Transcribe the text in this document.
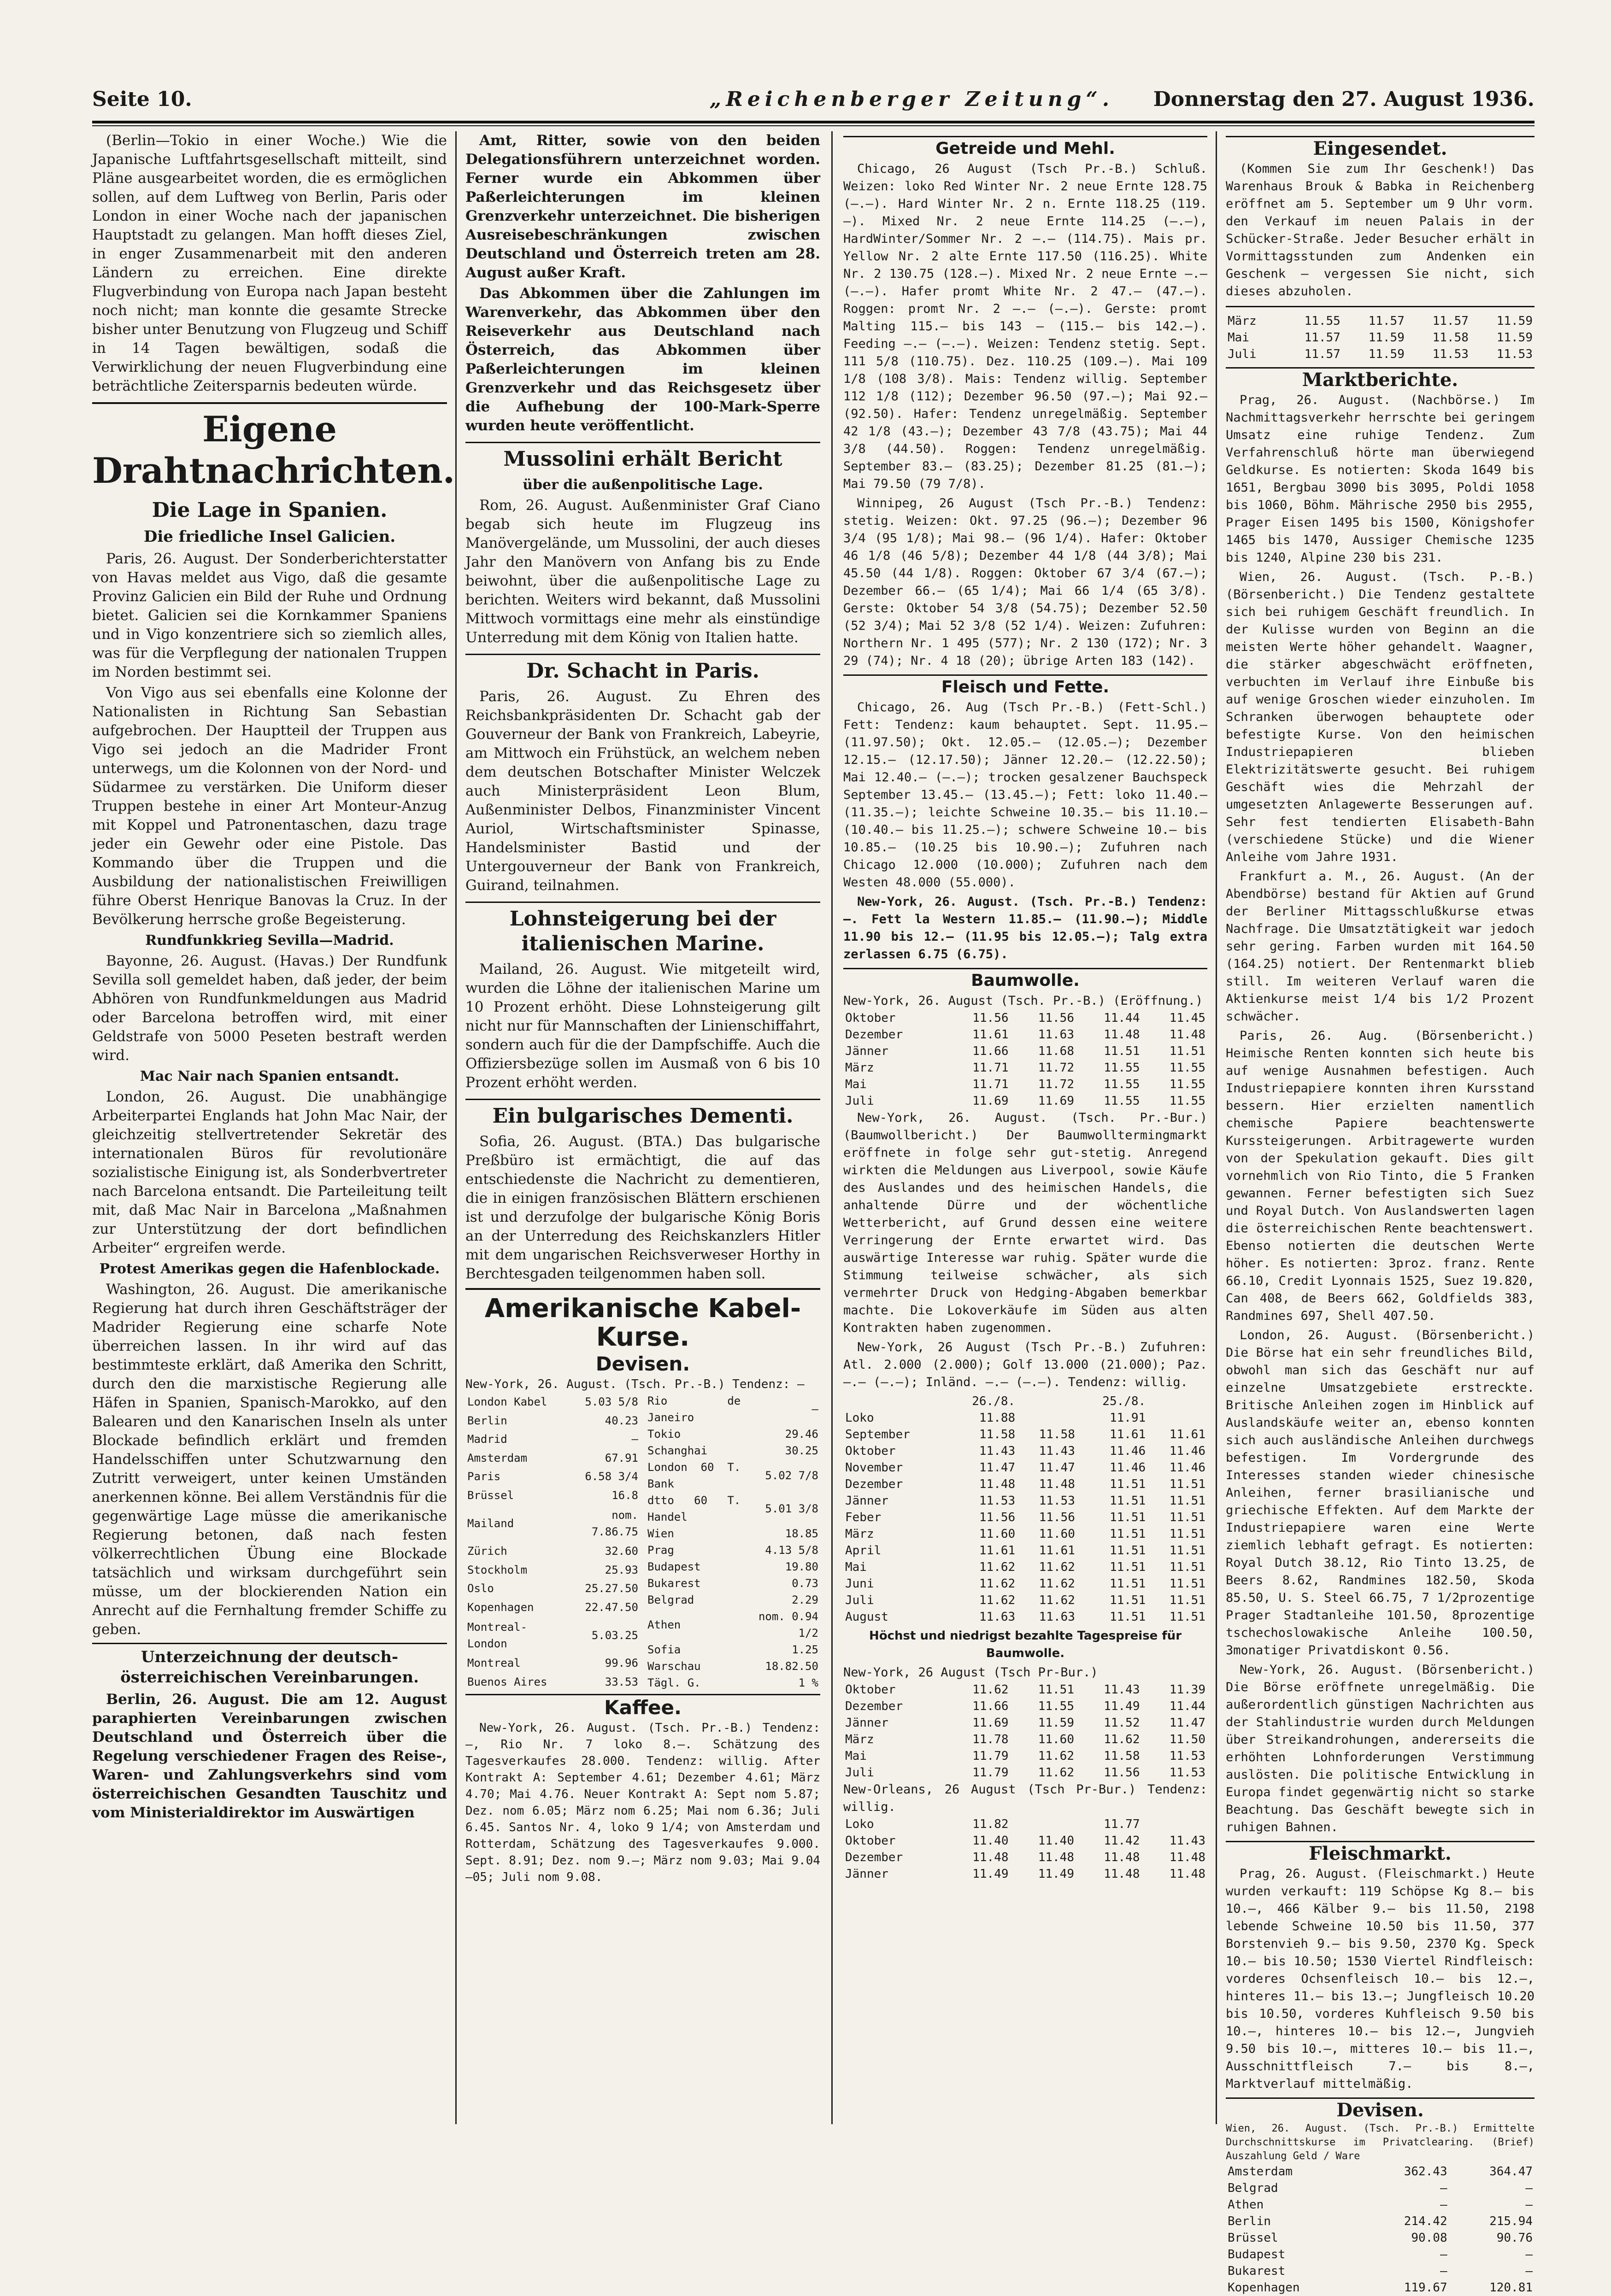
Seite 10.	„Reichenberger Zeitung“. Donnerstag den 27. August 1936.

(Berlin—Tokio in einer Woche.) Wie die Japanische Luftfahrtsgesellschaft mitteilt, sind Pläne ausgearbeitet worden, die es ermöglichen sollen, auf dem Luftweg von Berlin, Paris oder London in einer Woche nach der japanischen Hauptstadt zu gelangen. Man hofft dieses Ziel, in enger Zusammenarbeit mit den anderen Ländern zu erreichen. Eine direkte Flugverbindung von Europa nach Japan besteht noch nicht; man konnte die gesamte Strecke bisher unter Benutzung von Flugzeug und Schiff in 14 Tagen bewältigen, sodaß die Verwirklichung der neuen Flugverbindung eine beträchtliche Zeitersparnis bedeuten würde.

Eigene Drahtnachrichten.
Die Lage in Spanien.
Die friedliche Insel Galicien.

Paris, 26. August. Der Sonderberichterstatter von Havas meldet aus Vigo, daß die gesamte Provinz Galicien ein Bild der Ruhe und Ordnung bietet. Galicien sei die Kornkammer Spaniens und in Vigo konzentriere sich so ziemlich alles, was für die Verpflegung der nationalen Truppen im Norden bestimmt sei.

Von Vigo aus sei ebenfalls eine Kolonne der Nationalisten in Richtung San Sebastian aufgebrochen. Der Hauptteil der Truppen aus Vigo sei jedoch an die Madrider Front unterwegs, um die Kolonnen von der Nord- und Südarmee zu verstärken. Die Uniform dieser Truppen bestehe in einer Art Monteur-Anzug mit Koppel und Patronentaschen, dazu trage jeder ein Gewehr oder eine Pistole. Das Kommando über die Truppen und die Ausbildung der nationalistischen Freiwilligen führe Oberst Henrique Banovas la Cruz. In der Bevölkerung herrsche große Begeisterung.

Rundfunkkrieg Sevilla—Madrid.

Bayonne, 26. August. (Havas.) Der Rundfunk Sevilla soll gemeldet haben, daß jeder, der beim Abhören von Rundfunkmeldungen aus Madrid oder Barcelona betroffen wird, mit einer Geldstrafe von 5000 Peseten bestraft werden wird.

Mac Nair nach Spanien entsandt.

London, 26. August. Die unabhängige Arbeiterpartei Englands hat John Mac Nair, der gleichzeitig stellvertretender Sekretär des internationalen Büros für revolutionäre sozialistische Einigung ist, als Sonderbvertreter nach Barcelona entsandt. Die Parteileitung teilt mit, daß Mac Nair in Barcelona „Maßnahmen zur Unterstützung der dort befindlichen Arbeiter“ ergreifen werde.

Protest Amerikas gegen die Hafenblockade.

Washington, 26. August. Die amerikanische Regierung hat durch ihren Geschäftsträger der Madrider Regierung eine scharfe Note überreichen lassen. In ihr wird auf das bestimmteste erklärt, daß Amerika den Schritt, durch den die marxistische Regierung alle Häfen in Spanien, Spanisch-Marokko, auf den Balearen und den Kanarischen Inseln als unter Blockade befindlich erklärt und fremden Handelsschiffen unter Schutzwarnung den Zutritt verweigert, unter keinen Umständen anerkennen könne. Bei allem Verständnis für die gegenwärtige Lage müsse die amerikanische Regierung betonen, daß nach festen völkerrechtlichen Übung eine Blockade tatsächlich und wirksam durchgeführt sein müsse, um der blockierenden Nation ein Anrecht auf die Fernhaltung fremder Schiffe zu geben.

Unterzeichnung der deutsch-österreichischen Vereinbarungen.

Berlin, 26. August. Die am 12. August paraphierten Vereinbarungen zwischen Deutschland und Österreich über die Regelung verschiedener Fragen des Reise-, Waren- und Zahlungsverkehrs sind vom österreichischen Gesandten Tauschitz und vom Ministerialdirektor im Auswärtigen

Amt, Ritter, sowie von den beiden Delegationsführern unterzeichnet worden. Ferner wurde ein Abkommen über Paßerleichterungen im kleinen Grenzverkehr unterzeichnet. Die bisherigen Ausreisebeschränkungen zwischen Deutschland und Österreich treten am 28. August außer Kraft.

Das Abkommen über die Zahlungen im Warenverkehr, das Abkommen über den Reiseverkehr aus Deutschland nach Österreich, das Abkommen über Paßerleichterungen im kleinen Grenzverkehr und das Reichsgesetz über die Aufhebung der 100-Mark-Sperre wurden heute veröffentlicht.

Mussolini erhält Bericht
über die außenpolitische Lage.

Rom, 26. August. Außenminister Graf Ciano begab sich heute im Flugzeug ins Manövergelände, um Mussolini, der auch dieses Jahr den Manövern von Anfang bis zu Ende beiwohnt, über die außenpolitische Lage zu berichten. Weiters wird bekannt, daß Mussolini Mittwoch vormittags eine mehr als einstündige Unterredung mit dem König von Italien hatte.

Dr. Schacht in Paris.

Paris, 26. August. Zu Ehren des Reichsbankpräsidenten Dr. Schacht gab der Gouverneur der Bank von Frankreich, Labeyrie, am Mittwoch ein Frühstück, an welchem neben dem deutschen Botschafter Minister Welczek auch Ministerpräsident Leon Blum, Außenminister Delbos, Finanzminister Vincent Auriol, Wirtschaftsminister Spinasse, Handelsminister Bastid und der Untergouverneur der Bank von Frankreich, Guirand, teilnahmen.

Lohnsteigerung bei der italienischen Marine.

Mailand, 26. August. Wie mitgeteilt wird, wurden die Löhne der italienischen Marine um 10 Prozent erhöht. Diese Lohnsteigerung gilt nicht nur für Mannschaften der Linienschiffahrt, sondern auch für die der Dampfschiffe. Auch die Offiziersbezüge sollen im Ausmaß von 6 bis 10 Prozent erhöht werden.

Ein bulgarisches Dementi.

Sofia, 26. August. (BTA.) Das bulgarische Preßbüro ist ermächtigt, die auf das entschiedenste die Nachricht zu dementieren, die in einigen französischen Blättern erschienen ist und derzufolge der bulgarische König Boris an der Unterredung des Reichskanzlers Hitler mit dem ungarischen Reichsverweser Horthy in Berchtesgaden teilgenommen haben soll.

Amerikanische Kabel-Kurse.
Devisen.
New-York, 26. August. (Tsch. Pr.-B.) Tendenz: —
London Kabel	5.03 5/8
Berlin	40.23
Madrid	—
Amsterdam	67.91
Paris	6.58 3/4
Brüssel	16.8
Mailand	nom. 7.86.75
Zürich	32.60
Stockholm	25.93
Oslo	25.27.50
Kopenhagen	22.47.50
Montreal-London	5.03.25
Montreal	99.96
Buenos Aires	33.53
Rio de Janeiro	—
Tokio	29.46
Schanghai	30.25
London 60 T. Bank	5.02 7/8
dtto 60 T. Handel	5.01 3/8
Wien	18.85
Prag	4.13 5/8
Budapest	19.80
Bukarest	0.73
Belgrad	2.29
Athen	nom. 0.94 1/2
Sofia	1.25
Warschau	18.82.50
Tägl. G.	1 %
Kaffee.

New-York, 26. August. (Tsch. Pr.-B.) Tendenz: —, Rio Nr. 7 loko 8.—. Schätzung des Tagesverkaufes 28.000. Tendenz: willig. After Kontrakt A: September 4.61; Dezember 4.61; März 4.70; Mai 4.76. Neuer Kontrakt A: Sept nom 5.87; Dez. nom 6.05; März nom 6.25; Mai nom 6.36; Juli 6.45. Santos Nr. 4, loko 9 1/4; von Amsterdam und Rotterdam, Schätzung des Tagesverkaufes 9.000. Sept. 8.91; Dez. nom 9.—; März nom 9.03; Mai 9.04—05; Juli nom 9.08.

Getreide und Mehl.

Chicago, 26 August (Tsch Pr.-B.) Schluß. Weizen: loko Red Winter Nr. 2 neue Ernte 128.75 (—.—). Hard Winter Nr. 2 n. Ernte 118.25 (119.—). Mixed Nr. 2 neue Ernte 114.25 (—.—), HardWinter/Sommer Nr. 2 —.— (114.75). Mais pr. Yellow Nr. 2 alte Ernte 117.50 (116.25). White Nr. 2 130.75 (128.—). Mixed Nr. 2 neue Ernte —.— (—.—). Hafer promt White Nr. 2 47.— (47.—). Roggen: promt Nr. 2 —.— (—.—). Gerste: promt Malting 115.— bis 143 — (115.— bis 142.—). Feeding —.— (—.—). Weizen: Tendenz stetig. Sept. 111 5/8 (110.75). Dez. 110.25 (109.—). Mai 109 1/8 (108 3/8). Mais: Tendenz willig. September 112 1/8 (112); Dezember 96.50 (97.—); Mai 92.— (92.50). Hafer: Tendenz unregelmäßig. September 42 1/8 (43.—); Dezember 43 7/8 (43.75); Mai 44 3/8 (44.50). Roggen: Tendenz unregelmäßig. September 83.— (83.25); Dezember 81.25 (81.—); Mai 79.50 (79 7/8).

Winnipeg, 26 August (Tsch Pr.-B.) Tendenz: stetig. Weizen: Okt. 97.25 (96.—); Dezember 96 3/4 (95 1/8); Mai 98.— (96 1/4). Hafer: Oktober 46 1/8 (46 5/8); Dezember 44 1/8 (44 3/8); Mai 45.50 (44 1/8). Roggen: Oktober 67 3/4 (67.—); Dezember 66.— (65 1/4); Mai 66 1/4 (65 3/8). Gerste: Oktober 54 3/8 (54.75); Dezember 52.50 (52 3/4); Mai 52 3/8 (52 1/4). Weizen: Zufuhren: Northern Nr. 1 495 (577); Nr. 2 130 (172); Nr. 3 29 (74); Nr. 4 18 (20); übrige Arten 183 (142).

Fleisch und Fette.

Chicago, 26. Aug (Tsch Pr.-B.) (Fett-Schl.) Fett: Tendenz: kaum behauptet. Sept. 11.95.— (11.97.50); Okt. 12.05.— (12.05.—); Dezember 12.15.— (12.17.50); Jänner 12.20.— (12.22.50); Mai 12.40.— (—.—); trocken gesalzener Bauchspeck September 13.45.— (13.45.—); Fett: loko 11.40.— (11.35.—); leichte Schweine 10.35.— bis 11.10.— (10.40.— bis 11.25.—); schwere Schweine 10.— bis 10.85.— (10.25 bis 10.90.—); Zufuhren nach Chicago 12.000 (10.000); Zufuhren nach dem Westen 48.000 (55.000).

New-York, 26. August. (Tsch. Pr.-B.) Tendenz: —. Fett la Western 11.85.— (11.90.—); Middle 11.90 bis 12.— (11.95 bis 12.05.—); Talg extra zerlassen 6.75 (6.75).

Baumwolle.
New-York, 26. August (Tsch. Pr.-B.) (Eröffnung.)
Oktober	11.56	11.56	11.44	11.45
Dezember	11.61	11.63	11.48	11.48
Jänner	11.66	11.68	11.51	11.51
März	11.71	11.72	11.55	11.55
Mai	11.71	11.72	11.55	11.55
Juli	11.69	11.69	11.55	11.55

New-York, 26. August. (Tsch. Pr.-Bur.) (Baumwollbericht.) Der Baumwolltermingmarkt eröffnete in folge sehr gut-stetig. Anregend wirkten die Meldungen aus Liverpool, sowie Käufe des Auslandes und des heimischen Handels, die anhaltende Dürre und der wöchentliche Wetterbericht, auf Grund dessen eine weitere Verringerung der Ernte erwartet wird. Das auswärtige Interesse war ruhig. Später wurde die Stimmung teilweise schwächer, als sich vermehrter Druck von Hedging-Abgaben bemerkbar machte. Die Lokoverkäufe im Süden aus alten Kontrakten haben zugenommen.

New-York, 26 August (Tsch Pr.-B.) Zufuhren: Atl. 2.000 (2.000); Golf 13.000 (21.000); Paz. —.— (—.—); Inländ. —.— (—.—). Tendenz: willig.

	26./8.		25./8.	
Loko	11.88		11.91	
September	11.58	11.58	11.61	11.61
Oktober	11.43	11.43	11.46	11.46
November	11.47	11.47	11.46	11.46
Dezember	11.48	11.48	11.51	11.51
Jänner	11.53	11.53	11.51	11.51
Feber	11.56	11.56	11.51	11.51
März	11.60	11.60	11.51	11.51
April	11.61	11.61	11.51	11.51
Mai	11.62	11.62	11.51	11.51
Juni	11.62	11.62	11.51	11.51
Juli	11.62	11.62	11.51	11.51
August	11.63	11.63	11.51	11.51
Höchst und niedrigst bezahlte Tagespreise für Baumwolle.
New-York, 26 August (Tsch Pr-Bur.)
Oktober	11.62	11.51	11.43	11.39
Dezember	11.66	11.55	11.49	11.44
Jänner	11.69	11.59	11.52	11.47
März	11.78	11.60	11.62	11.50
Mai	11.79	11.62	11.58	11.53
Juli	11.79	11.62	11.56	11.53
New-Orleans, 26 August (Tsch Pr-Bur.) Tendenz: willig.
Loko	11.82		11.77	
Oktober	11.40	11.40	11.42	11.43
Dezember	11.48	11.48	11.48	11.48
Jänner	11.49	11.49	11.48	11.48
Eingesendet.

(Kommen Sie zum Ihr Geschenk!) Das Warenhaus Brouk & Babka in Reichenberg eröffnet am 5. September um 9 Uhr vorm. den Verkauf im neuen Palais in der Schücker-Straße. Jeder Besucher erhält in Vormittagsstunden zum Andenken ein Geschenk — vergessen Sie nicht, sich dieses abzuholen.

März	11.55	11.57	11.57	11.59
Mai	11.57	11.59	11.58	11.59
Juli	11.57	11.59	11.53	11.53
Marktberichte.

Prag, 26. August. (Nachbörse.) Im Nachmittagsverkehr herrschte bei geringem Umsatz eine ruhige Tendenz. Zum Verfahrenschluß hörte man überwiegend Geldkurse. Es notierten: Skoda 1649 bis 1651, Bergbau 3090 bis 3095, Poldi 1058 bis 1060, Böhm. Mährische 2950 bis 2955, Prager Eisen 1495 bis 1500, Königshofer 1465 bis 1470, Aussiger Chemische 1235 bis 1240, Alpine 230 bis 231.

Wien, 26. August. (Tsch. P.-B.) (Börsenbericht.) Die Tendenz gestaltete sich bei ruhigem Geschäft freundlich. In der Kulisse wurden von Beginn an die meisten Werte höher gehandelt. Waagner, die stärker abgeschwächt eröffneten, verbuchten im Verlauf ihre Einbuße bis auf wenige Groschen wieder einzuholen. Im Schranken überwogen behauptete oder befestigte Kurse. Von den heimischen Industriepapieren blieben Elektrizitätswerte gesucht. Bei ruhigem Geschäft wies die Mehrzahl der umgesetzten Anlagewerte Besserungen auf. Sehr fest tendierten Elisabeth-Bahn (verschiedene Stücke) und die Wiener Anleihe vom Jahre 1931.

Frankfurt a. M., 26. August. (An der Abendbörse) bestand für Aktien auf Grund der Berliner Mittagsschlußkurse etwas Nachfrage. Die Umsatztätigkeit war jedoch sehr gering. Farben wurden mit 164.50 (164.25) notiert. Der Rentenmarkt blieb still. Im weiteren Verlauf waren die Aktienkurse meist 1/4 bis 1/2 Prozent schwächer.

Paris, 26. Aug. (Börsenbericht.) Heimische Renten konnten sich heute bis auf wenige Ausnahmen befestigen. Auch Industriepapiere konnten ihren Kursstand bessern. Hier erzielten namentlich chemische Papiere beachtenswerte Kurssteigerungen. Arbitragewerte wurden von der Spekulation gekauft. Dies gilt vornehmlich von Rio Tinto, die 5 Franken gewannen. Ferner befestigten sich Suez und Royal Dutch. Von Auslandswerten lagen die österreichischen Rente beachtenswert. Ebenso notierten die deutschen Werte höher. Es notierten: 3proz. franz. Rente 66.10, Credit Lyonnais 1525, Suez 19.820, Can 408, de Beers 662, Goldfields 383, Randmines 697, Shell 407.50.

London, 26. August. (Börsenbericht.) Die Börse hat ein sehr freundliches Bild, obwohl man sich das Geschäft nur auf einzelne Umsatzgebiete erstreckte. Britische Anleihen zogen im Hinblick auf Auslandskäufe weiter an, ebenso konnten sich auch ausländische Anleihen durchwegs befestigen. Im Vordergrunde des Interesses standen wieder chinesische Anleihen, ferner brasilianische und griechische Effekten. Auf dem Markte der Industriepapiere waren eine Werte ziemlich lebhaft gefragt. Es notierten: Royal Dutch 38.12, Rio Tinto 13.25, de Beers 8.62, Randmines 182.50, Skoda 85.50, U. S. Steel 66.75, 7 1/2prozentige Prager Stadtanleihe 101.50, 8prozentige tschechoslowakische Anleihe 100.50, 3monatiger Privatdiskont 0.56.

New-York, 26. August. (Börsenbericht.) Die Börse eröffnete unregelmäßig. Die außerordentlich günstigen Nachrichten aus der Stahlindustrie wurden durch Meldungen über Streikandrohungen, andererseits die erhöhten Lohnforderungen Verstimmung auslösten. Die politische Entwicklung in Europa findet gegenwärtig nicht so starke Beachtung. Das Geschäft bewegte sich in ruhigen Bahnen.

Fleischmarkt.

Prag, 26. August. (Fleischmarkt.) Heute wurden verkauft: 119 Schöpse Kg 8.— bis 10.—, 466 Kälber 9.— bis 11.50, 2198 lebende Schweine 10.50 bis 11.50, 377 Borstenvieh 9.— bis 9.50, 2370 Kg. Speck 10.— bis 10.50; 1530 Viertel Rindfleisch: vorderes Ochsenfleisch 10.— bis 12.—, hinteres 11.— bis 13.—; Jungfleisch 10.20 bis 10.50, vorderes Kuhfleisch 9.50 bis 10.—, hinteres 10.— bis 12.—, Jungvieh 9.50 bis 10.—, mitteres 10.— bis 11.—, Ausschnittfleisch 7.— bis 8.—, Marktverlauf mittelmäßig.

Devisen.
Wien, 26. August. (Tsch. Pr.-B.) Ermittelte Durchschnittskurse im Privatclearing. (Brief) Auszahlung Geld / Ware
Amsterdam	362.43	364.47
Belgrad	—	—
Athen	—	—
Berlin	214.42	215.94
Brüssel	90.08	90.76
Budapest	—	—
Bukarest	—	—
Kopenhagen	119.67	120.81
